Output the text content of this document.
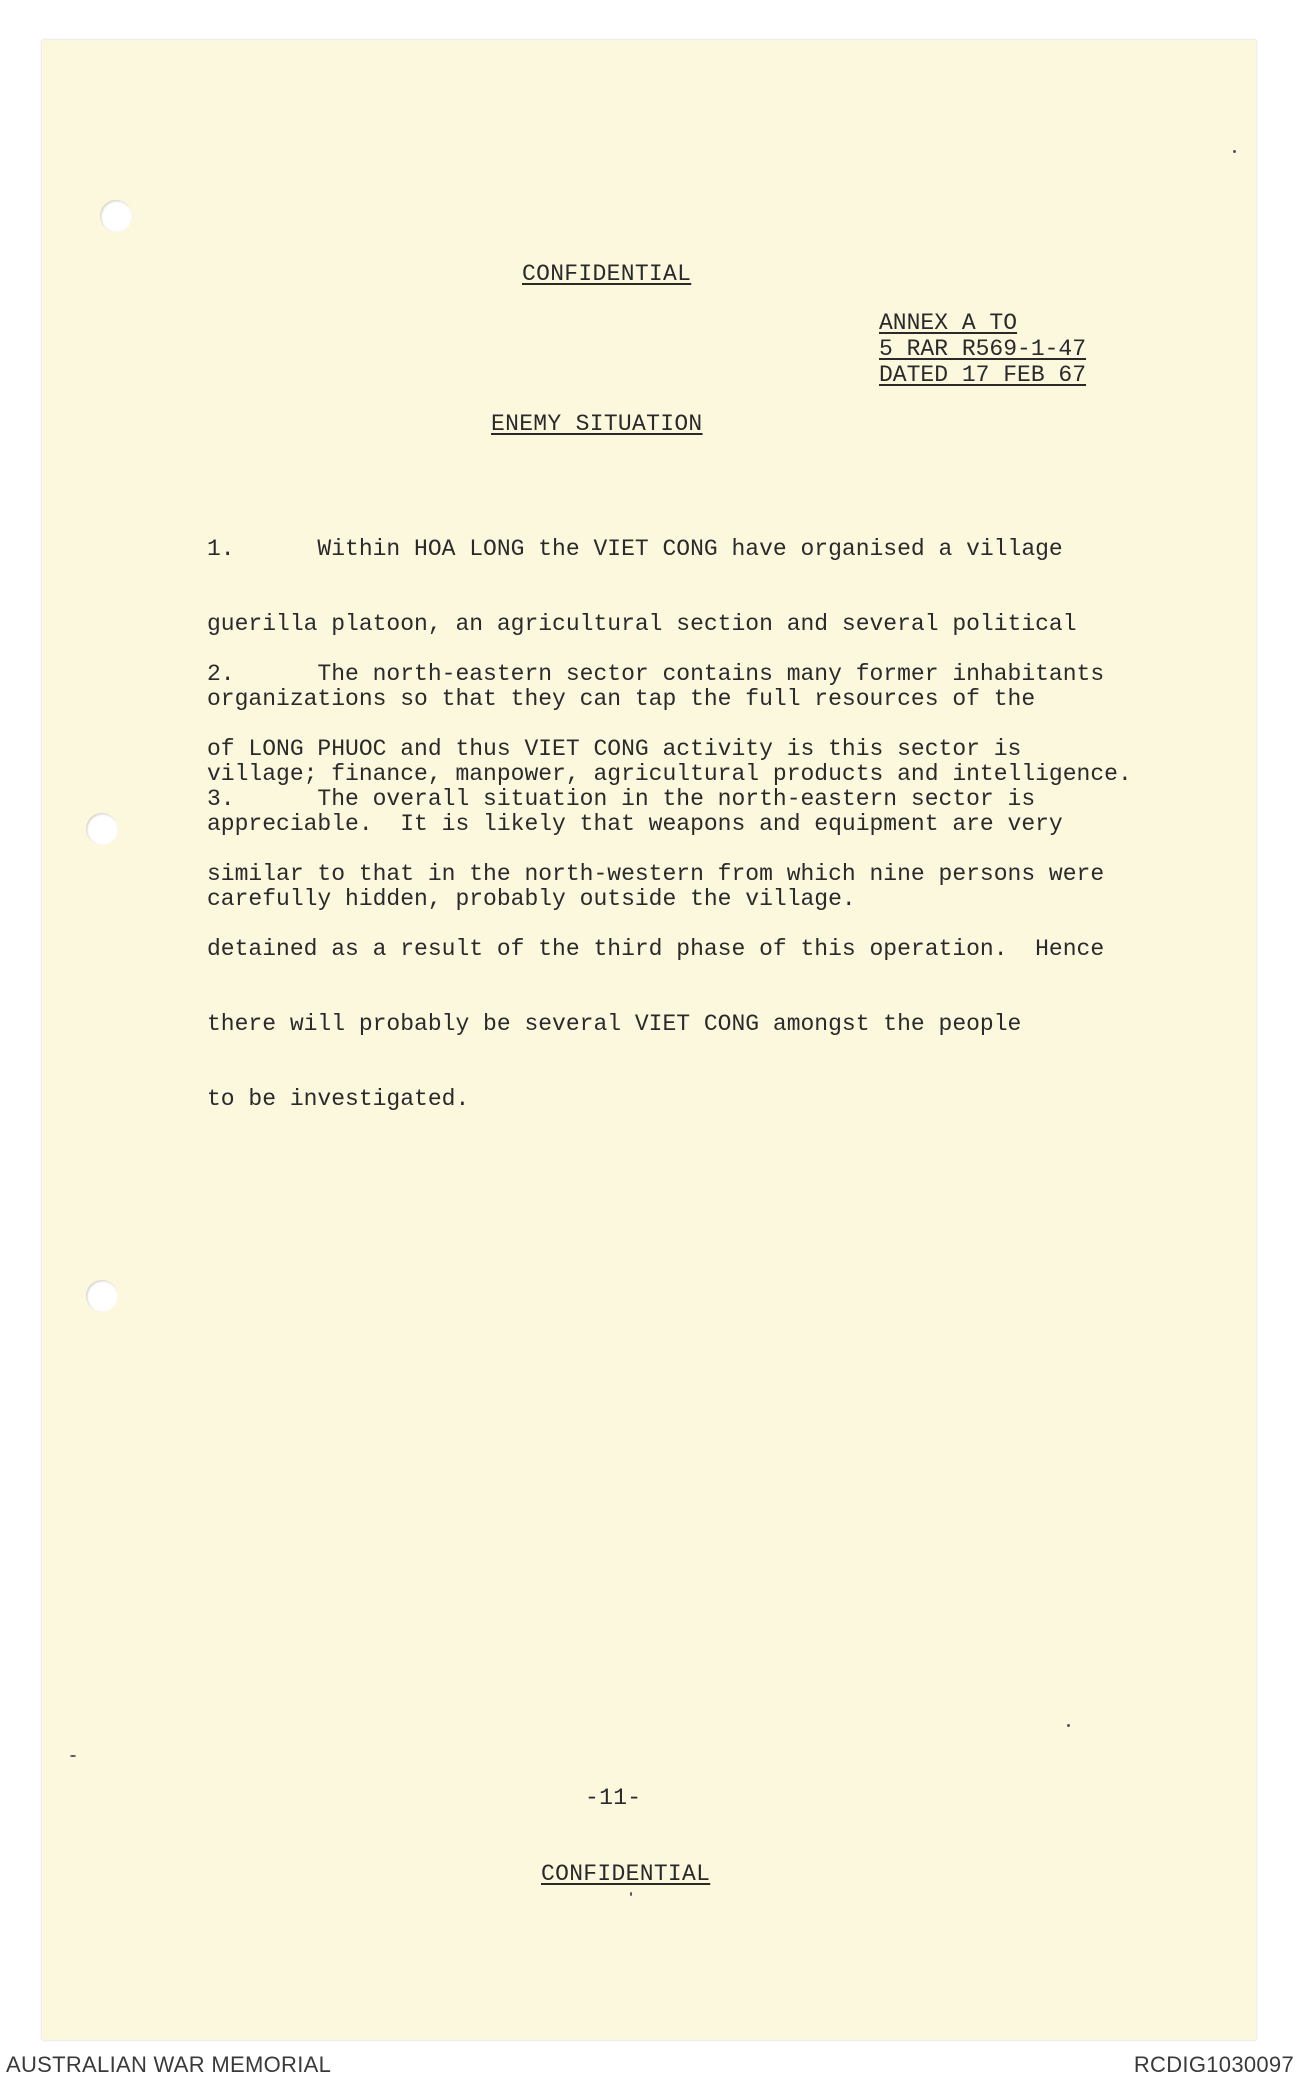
CONFIDENTIAL
ANNEX A TO
5 RAR R569-1-47
DATED 17 FEB 67
ENEMY SITUATION

1.      Within HOA LONG the VIET CONG have organised a village

guerilla platoon, an agricultural section and several political

organizations so that they can tap the full resources of the

village; finance, manpower, agricultural products and intelligence.

2.      The north-eastern sector contains many former inhabitants

of LONG PHUOC and thus VIET CONG activity is this sector is

appreciable.  It is likely that weapons and equipment are very

carefully hidden, probably outside the village.

3.      The overall situation in the north-eastern sector is

similar to that in the north-western from which nine persons were

detained as a result of the third phase of this operation.  Hence

there will probably be several VIET CONG amongst the people

to be investigated.

-11-
CONFIDENTIAL
AUSTRALIAN WAR MEMORIAL	RCDIG1030097
